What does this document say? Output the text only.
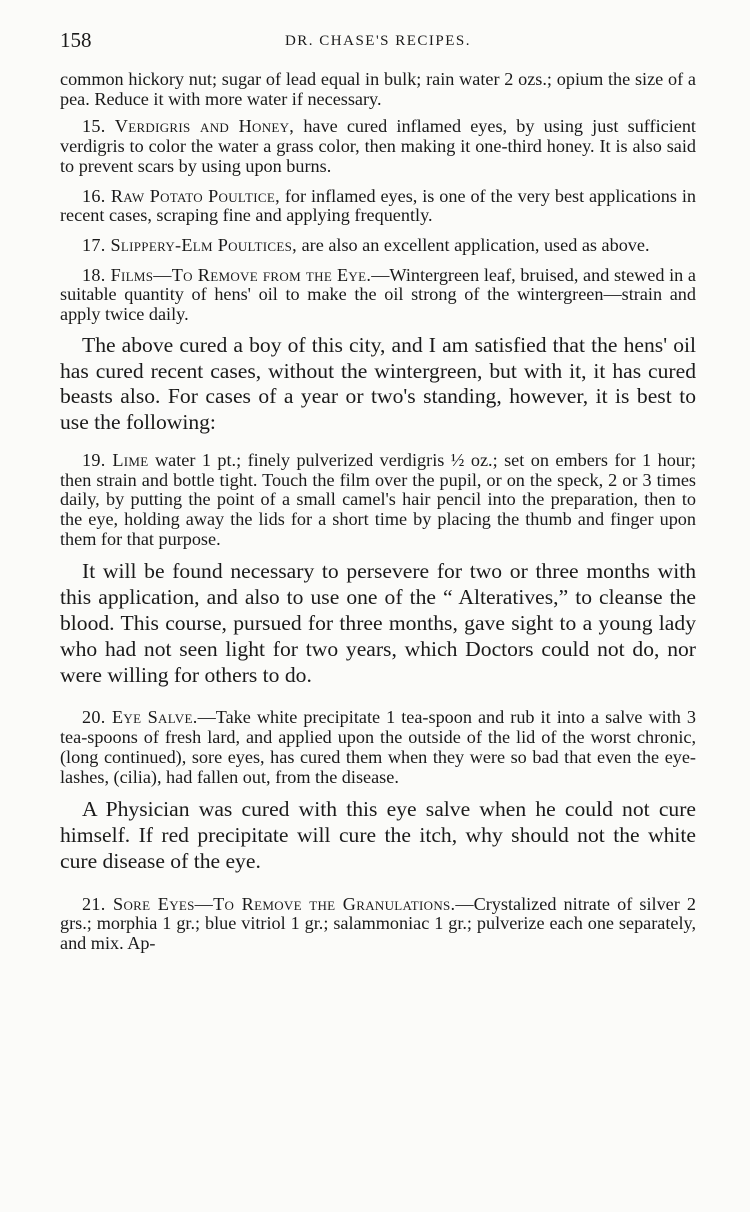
158	DR. CHASE'S RECIPES.

common hickory nut; sugar of lead equal in bulk; rain water 2 ozs.; opium the size of a pea. Reduce it with more water if necessary.

15. Verdigris and Honey, have cured inflamed eyes, by using just sufficient verdigris to color the water a grass color, then making it one-third honey. It is also said to prevent scars by using upon burns.

16. Raw Potato Poultice, for inflamed eyes, is one of the very best applications in recent cases, scraping fine and applying frequently.

17. Slippery-Elm Poultices, are also an excellent application, used as above.

18. Films—To Remove from the Eye.—Wintergreen leaf, bruised, and stewed in a suitable quantity of hens' oil to make the oil strong of the wintergreen—strain and apply twice daily.

The above cured a boy of this city, and I am satisfied that the hens' oil has cured recent cases, without the wintergreen, but with it, it has cured beasts also. For cases of a year or two's standing, however, it is best to use the following:

19. Lime water 1 pt.; finely pulverized verdigris ½ oz.; set on embers for 1 hour; then strain and bottle tight. Touch the film over the pupil, or on the speck, 2 or 3 times daily, by putting the point of a small camel's hair pencil into the preparation, then to the eye, holding away the lids for a short time by placing the thumb and finger upon them for that purpose.

It will be found necessary to persevere for two or three months with this application, and also to use one of the “ Alteratives,” to cleanse the blood. This course, pursued for three months, gave sight to a young lady who had not seen light for two years, which Doctors could not do, nor were willing for others to do.

20. Eye Salve.—Take white precipitate 1 tea-spoon and rub it into a salve with 3 tea-spoons of fresh lard, and applied upon the outside of the lid of the worst chronic, (long continued), sore eyes, has cured them when they were so bad that even the eye-lashes, (cilia), had fallen out, from the disease.

A Physician was cured with this eye salve when he could not cure himself. If red precipitate will cure the itch, why should not the white cure disease of the eye.

21. Sore Eyes—To Remove the Granulations.—Crystalized nitrate of silver 2 grs.; morphia 1 gr.; blue vitriol 1 gr.; salammoniac 1 gr.; pulverize each one separately, and mix. Ap-
